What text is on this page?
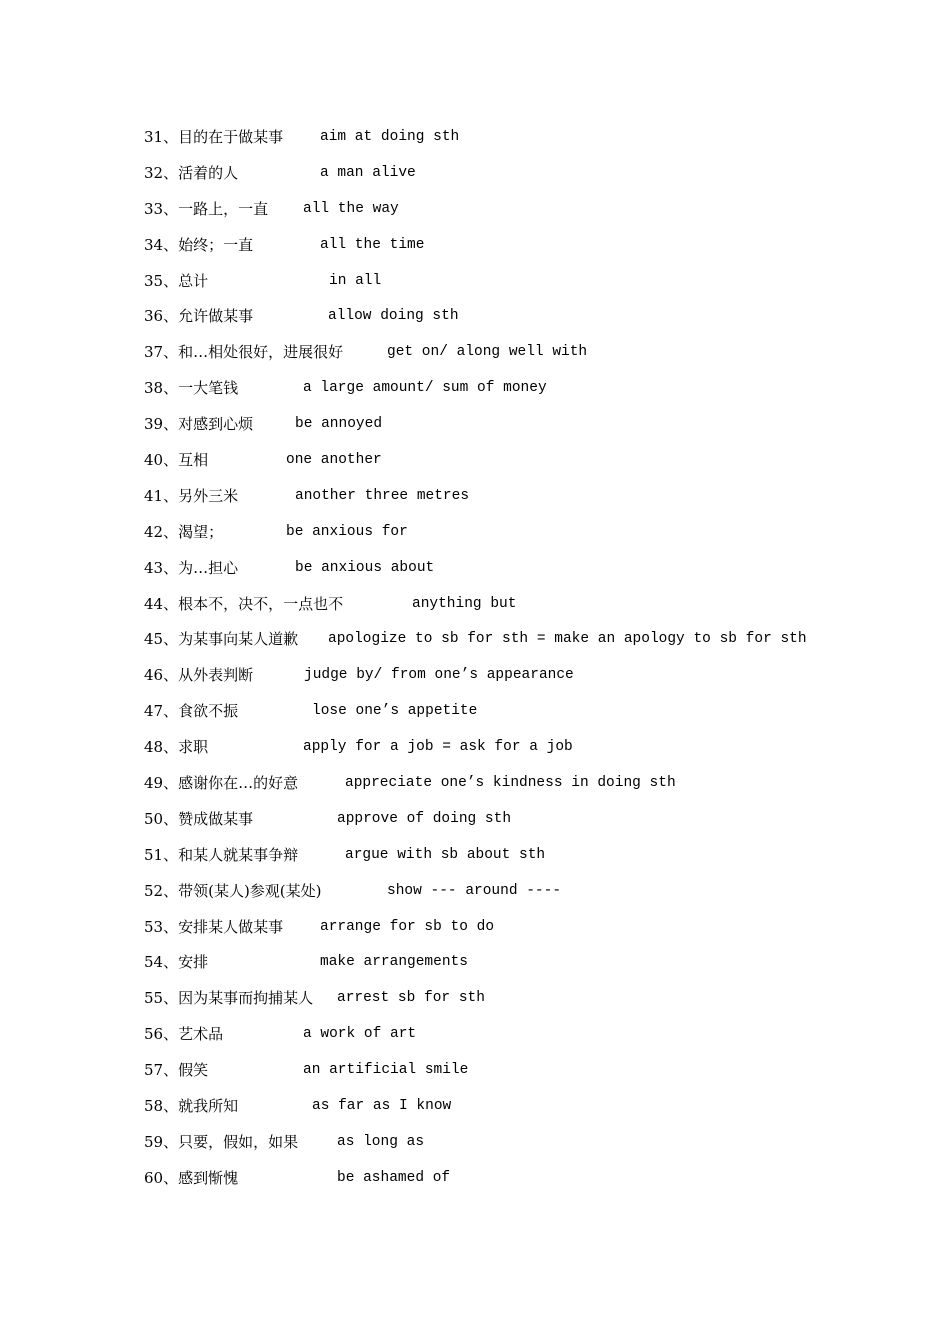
31、目的在于做某事	aim at doing sth
32、活着的人	a man alive
33、一路上，一直 all the way
34、始终；一直	all the time
35、总计	in all
36、允许做某事	allow doing sth
37、和…相处很好，进展很好	get on/ along well with
38、一大笔钱	a large amount/ sum of money
39、对感到心烦	be annoyed
40、互相	one another
41、另外三米	another three metres
42、渴望；	be anxious for
43、为…担心	be anxious about
44、根本不，决不，一点也不	anything but
45、为某事向某人道歉 apologize to sb for sth = make an apology to sb for sth
46、从外表判断	judge by/ from one’s appearance
47、食欲不振	lose one’s appetite
48、求职	apply for a job = ask for a job
49、感谢你在…的好意	appreciate one’s kindness in doing sth
50、赞成做某事	approve of doing sth
51、和某人就某事争辩	argue with sb about sth
52、带领(某人)参观(某处)	show --- around ----
53、安排某人做某事	arrange for sb to do
54、安排	make arrangements
55、因为某事而拘捕某人 arrest sb for sth
56、艺术品	a work of art
57、假笑	an artificial smile
58、就我所知	as far as I know
59、只要，假如，如果	as long as
60、感到惭愧	be ashamed of
